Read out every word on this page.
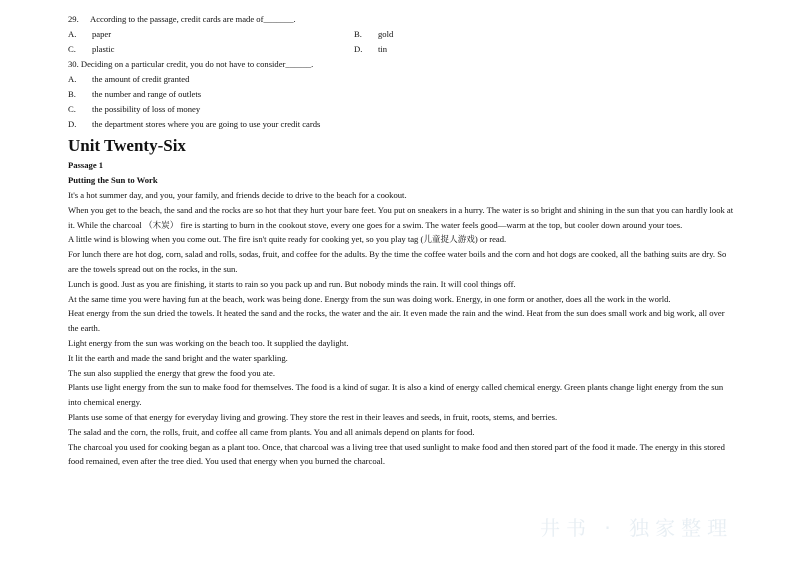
井书 · 独家整理
29.	According to the passage, credit cards are made of_______.
A.	paper	B.	gold
C.	plastic	D.	tin
30. Deciding on a particular credit, you do not have to consider______.
A.	the amount of credit granted
B.	the number and range of outlets
C.	the possibility of loss of money
D.	the department stores where you are going to use your credit cards
Unit Twenty-Six
Passage 1
Putting the Sun to Work
It's a hot summer day, and you, your family, and friends decide to drive to the beach for a cookout.
When you get to the beach, the sand and the rocks are so hot that they hurt your bare feet. You put on sneakers in a hurry. The water is so bright and shining in the sun that you can hardly look at it. While the charcoal （木炭） fire is starting to burn in the cookout stove, every one goes for a swim. The water feels good—warm at the top, but cooler down around your toes.
A little wind is blowing when you come out. The fire isn't quite ready for cooking yet, so you play tag (儿童捉人游戏) or read.
For lunch there are hot dog, corn, salad and rolls, sodas, fruit, and coffee for the adults. By the time the coffee water boils and the corn and hot dogs are cooked, all the bathing suits are dry. So are the towels spread out on the rocks, in the sun.
Lunch is good. Just as you are finishing, it starts to rain so you pack up and run. But nobody minds the rain. It will cool things off.
At the same time you were having fun at the beach, work was being done. Energy from the sun was doing work. Energy, in one form or another, does all the work in the world.
Heat energy from the sun dried the towels. It heated the sand and the rocks, the water and the air. It even made the rain and the wind. Heat from the sun does small work and big work, all over the earth.
Light energy from the sun was working on the beach too. It supplied the daylight.
It lit the earth and made the sand bright and the water sparkling.
The sun also supplied the energy that grew the food you ate.
Plants use light energy from the sun to make food for themselves. The food is a kind of sugar. It is also a kind of energy called chemical energy. Green plants change light energy from the sun into chemical energy.
Plants use some of that energy for everyday living and growing. They store the rest in their leaves and seeds, in fruit, roots, stems, and berries.
The salad and the corn, the rolls, fruit, and coffee all came from plants. You and all animals depend on plants for food.
The charcoal you used for cooking began as a plant too. Once, that charcoal was a living tree that used sunlight to make food and then stored part of the food it made. The energy in this stored food remained, even after the tree died. You used that energy when you burned the charcoal.
